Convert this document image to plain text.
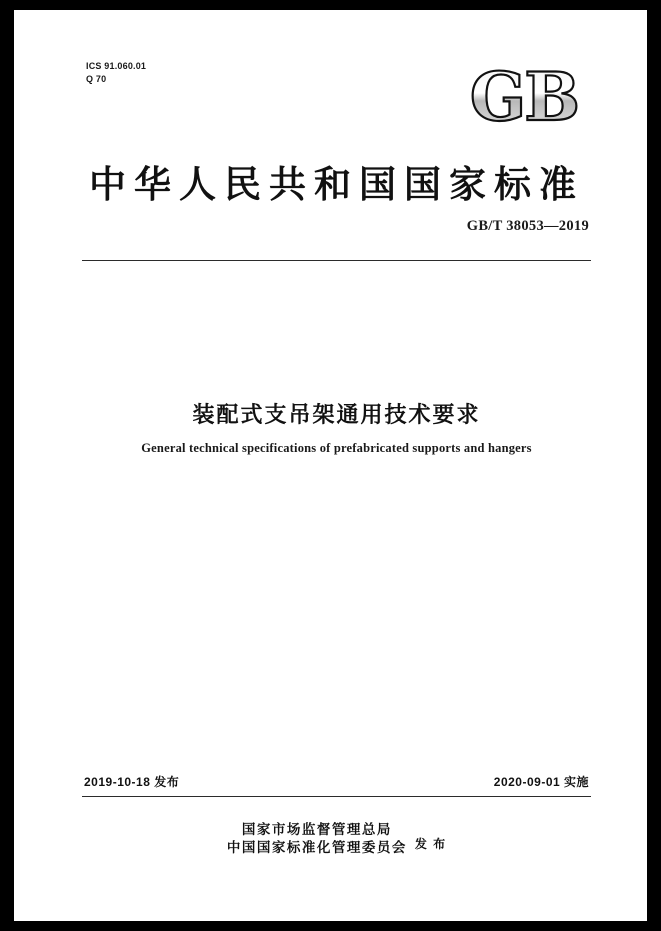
ICS 91.060.01
Q 70	GB
中华人民共和国国家标准
GB/T 38053—2019
装配式支吊架通用技术要求
General technical specifications of prefabricated supports and hangers
2019-10-18 发布	2020-09-01 实施
国家市场监督管理总局
中国国家标准化管理委员会 发 布
